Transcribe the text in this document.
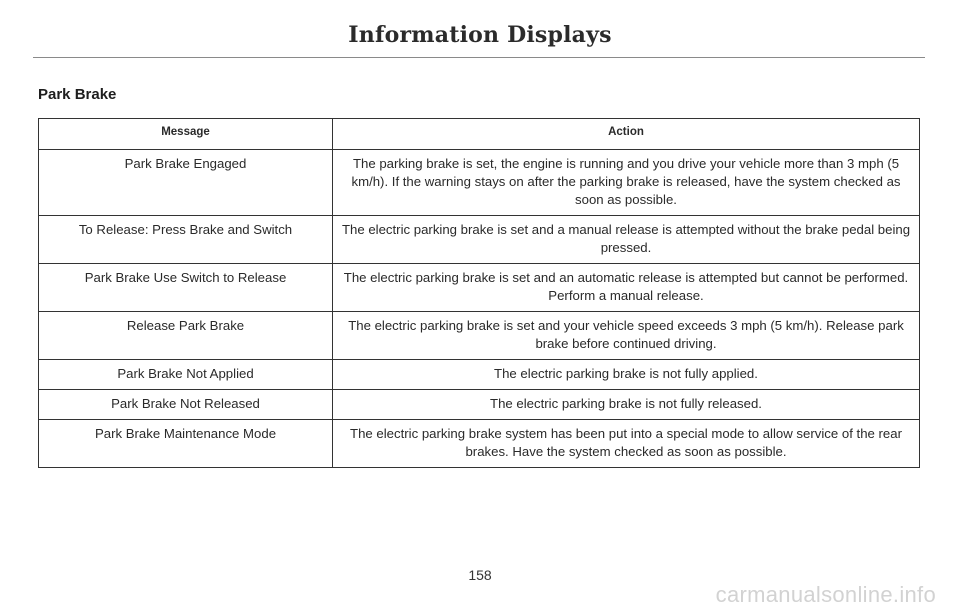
Information Displays
Park Brake
Message	Action
Park Brake Engaged	The parking brake is set, the engine is running and you drive your vehicle more than 3 mph (5 km/h). If the warning stays on after the parking brake is released, have the system checked as soon as possible.
To Release: Press Brake and Switch	The electric parking brake is set and a manual release is attempted without the brake pedal being pressed.
Park Brake Use Switch to Release	The electric parking brake is set and an automatic release is attempted but cannot be performed. Perform a manual release.
Release Park Brake	The electric parking brake is set and your vehicle speed exceeds 3 mph (5 km/h). Release park brake before continued driving.
Park Brake Not Applied	The electric parking brake is not fully applied.
Park Brake Not Released	The electric parking brake is not fully released.
Park Brake Maintenance Mode	The electric parking brake system has been put into a special mode to allow service of the rear brakes. Have the system checked as soon as possible.
158
carmanualsonline.info
